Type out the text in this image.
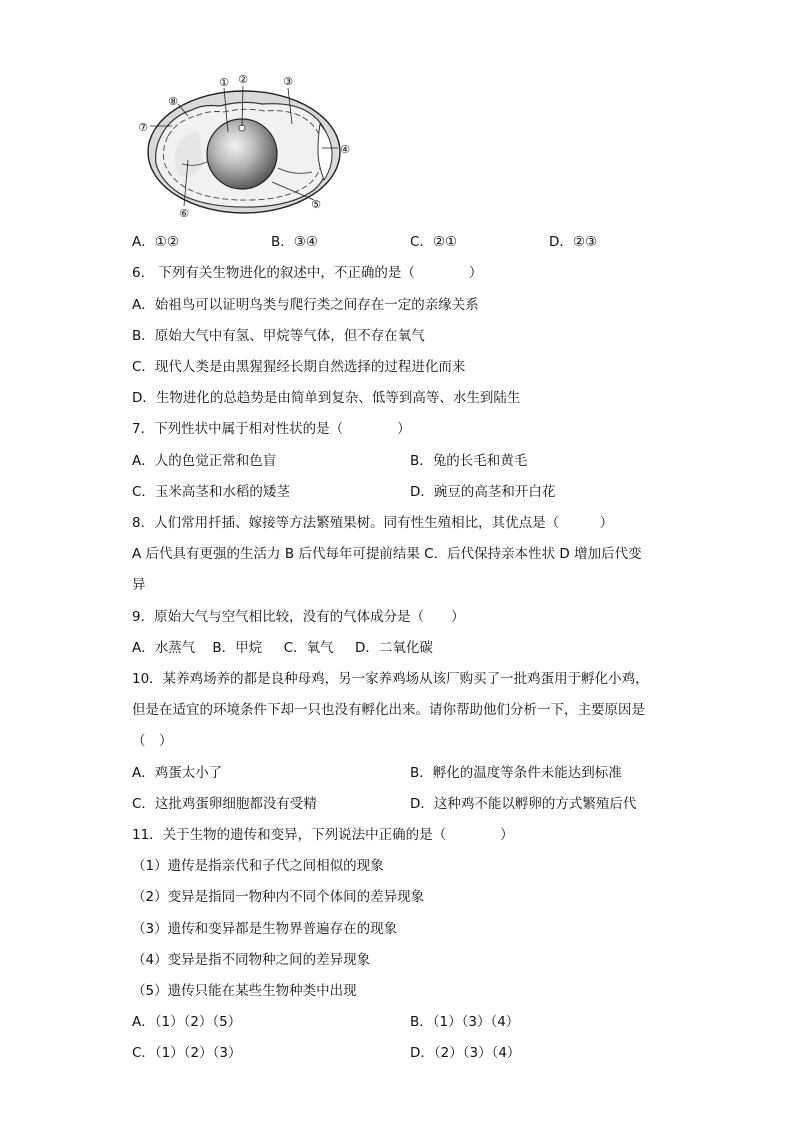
① ②	③
④
⑤
⑥
⑦
⑧
A．①②	B．③④	C．②①	D．②③
6． 下列有关生物进化的叙述中，不正确的是（　　　　）
A．始祖鸟可以证明鸟类与爬行类之间存在一定的亲缘关系
B．原始大气中有氢、甲烷等气体，但不存在氧气
C．现代人类是由黑猩猩经长期自然选择的过程进化而来
D．生物进化的总趋势是由简单到复杂、低等到高等、水生到陆生
7．下列性状中属于相对性状的是（　　　　）
A．人的色觉正常和色盲	B．兔的长毛和黄毛
C．玉米高茎和水稻的矮茎	D．豌豆的高茎和开白花
8．人们常用扦插、嫁接等方法繁殖果树。同有性生殖相比，其优点是（　　　）
A 后代具有更强的生活力 B 后代每年可提前结果 C．后代保持亲本性状 D 增加后代变
异
9．原始大气与空气相比较，没有的气体成分是（　　）
A．水蒸气    B．甲烷     C．氧气     D．二氧化碳
10．某养鸡场养的都是良种母鸡，另一家养鸡场从该厂购买了一批鸡蛋用于孵化小鸡，
但是在适宜的环境条件下却一只也没有孵化出来。请你帮助他们分析一下，主要原因是
（　）
A．鸡蛋太小了	B．孵化的温度等条件未能达到标准
C．这批鸡蛋卵细胞都没有受精	D．这种鸡不能以孵卵的方式繁殖后代
11．关于生物的遗传和变异，下列说法中正确的是（　　　　）
（1）遗传是指亲代和子代之间相似的现象
（2）变异是指同一物种内不同个体间的差异现象
（3）遗传和变异都是生物界普遍存在的现象
（4）变异是指不同物种之间的差异现象
（5）遗传只能在某些生物种类中出现
A．（1）（2）（5）	B．（1）（3）（4）
C．（1）（2）（3）	D．（2）（3）（4）
